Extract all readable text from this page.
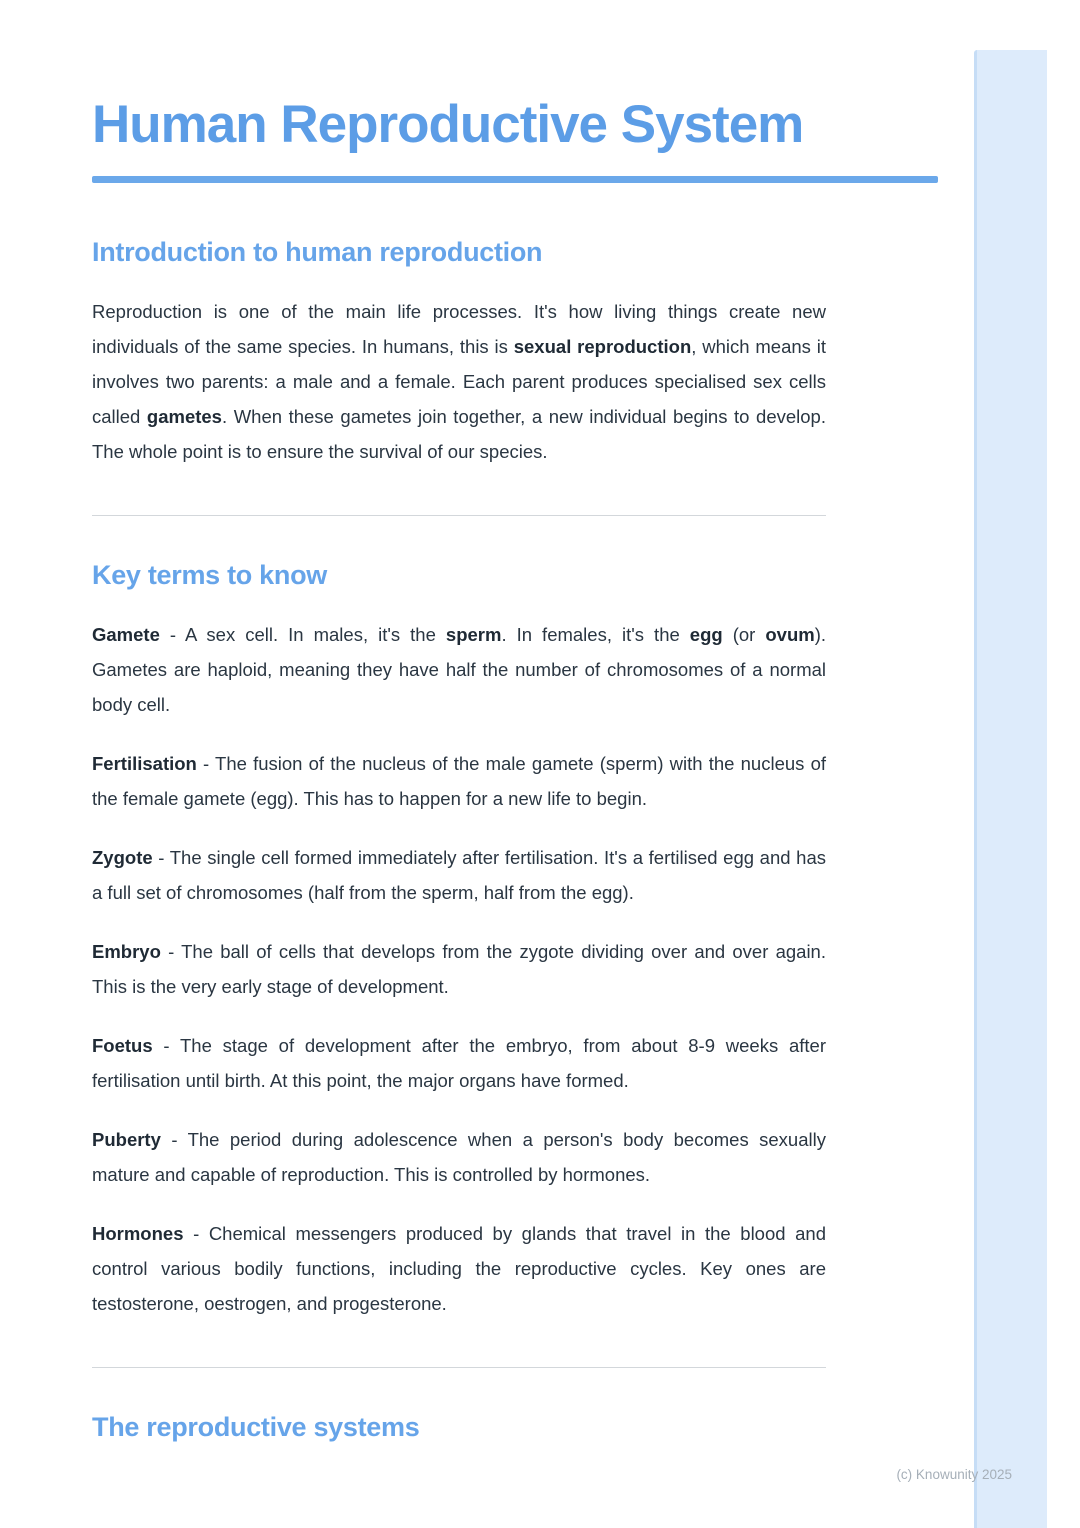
Human Reproductive System
Introduction to human reproduction

Reproduction is one of the main life processes. It's how living things create new individuals of the same species. In humans, this is sexual reproduction, which means it involves two parents: a male and a female. Each parent produces specialised sex cells called gametes. When these gametes join together, a new individual begins to develop. The whole point is to ensure the survival of our species.

Key terms to know

Gamete - A sex cell. In males, it's the sperm. In females, it's the egg (or ovum). Gametes are haploid, meaning they have half the number of chromosomes of a normal body cell.

Fertilisation - The fusion of the nucleus of the male gamete (sperm) with the nucleus of the female gamete (egg). This has to happen for a new life to begin.

Zygote - The single cell formed immediately after fertilisation. It's a fertilised egg and has a full set of chromosomes (half from the sperm, half from the egg).

Embryo - The ball of cells that develops from the zygote dividing over and over again. This is the very early stage of development.

Foetus - The stage of development after the embryo, from about 8-9 weeks after fertilisation until birth. At this point, the major organs have formed.

Puberty - The period during adolescence when a person's body becomes sexually mature and capable of reproduction. This is controlled by hormones.

Hormones - Chemical messengers produced by glands that travel in the blood and control various bodily functions, including the reproductive cycles. Key ones are testosterone, oestrogen, and progesterone.

The reproductive systems
(c) Knowunity 2025
